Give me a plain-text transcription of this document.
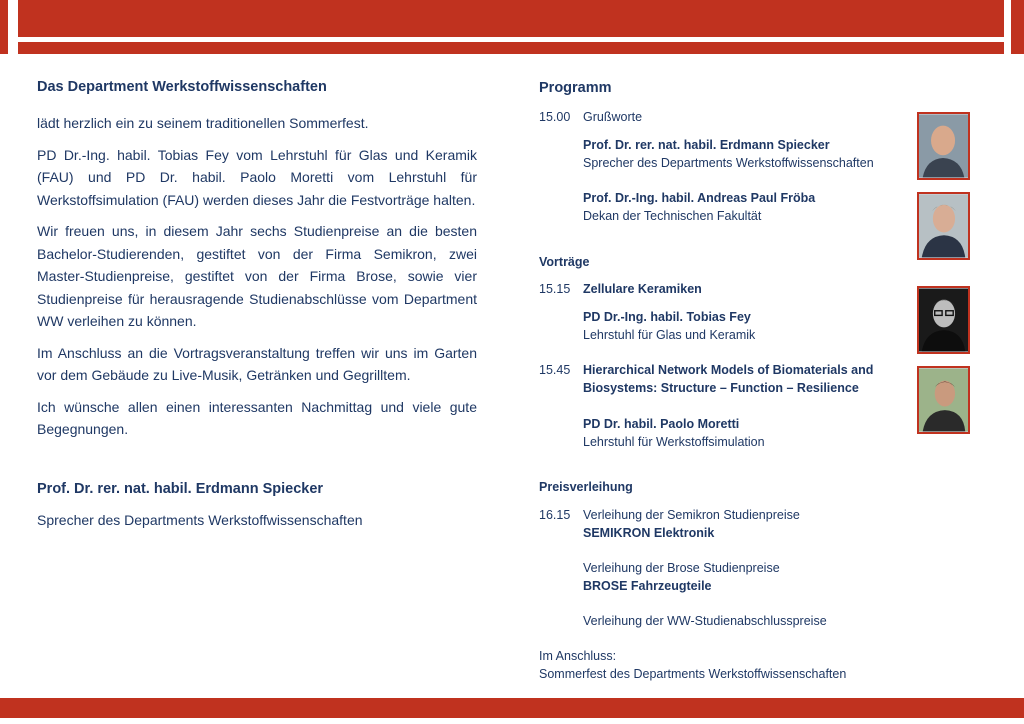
Das Department Werkstoffwissenschaften

lädt herzlich ein zu seinem traditionellen Sommerfest.

PD Dr.-Ing. habil. Tobias Fey vom Lehrstuhl für Glas und Keramik (FAU) und PD Dr. habil. Paolo Moretti vom Lehrstuhl für Werkstoffsimulation (FAU) werden dieses Jahr die Festvorträge halten.

Wir freuen uns, in diesem Jahr sechs Studienpreise an die besten Bachelor-Studierenden, gestiftet von der Firma Semikron, zwei Master-Studienpreise, gestiftet von der Firma Brose, sowie vier Studienpreise für herausragende Studienabschlüsse vom Department WW verleihen zu können.

Im Anschluss an die Vortragsveranstaltung treffen wir uns im Garten vor dem Gebäude zu Live-Musik, Getränken und Gegrilltem.

Ich wünsche allen einen interessanten Nachmittag und viele gute Begegnungen.

Prof. Dr. rer. nat. habil. Erdmann Spiecker

Sprecher des Departments Werkstoffwissenschaften

Programm
15.00 Grußworte
Prof. Dr. rer. nat. habil. Erdmann Spiecker
Sprecher des Departments Werkstoffwissenschaften
Prof. Dr.-Ing. habil. Andreas Paul Fröba
Dekan der Technischen Fakultät
Vorträge
15.15 Zellulare Keramiken
PD Dr.-Ing. habil. Tobias Fey
Lehrstuhl für Glas und Keramik
15.45 Hierarchical Network Models of Biomaterials and
Biosystems: Structure – Function – Resilience
PD Dr. habil. Paolo Moretti
Lehrstuhl für Werkstoffsimulation
Preisverleihung
16.15 Verleihung der Semikron Studienpreise
SEMIKRON Elektronik
Verleihung der Brose Studienpreise
BROSE Fahrzeugteile
Verleihung der WW-Studienabschlusspreise
Im Anschluss:
Sommerfest des Departments Werkstoffwissenschaften
